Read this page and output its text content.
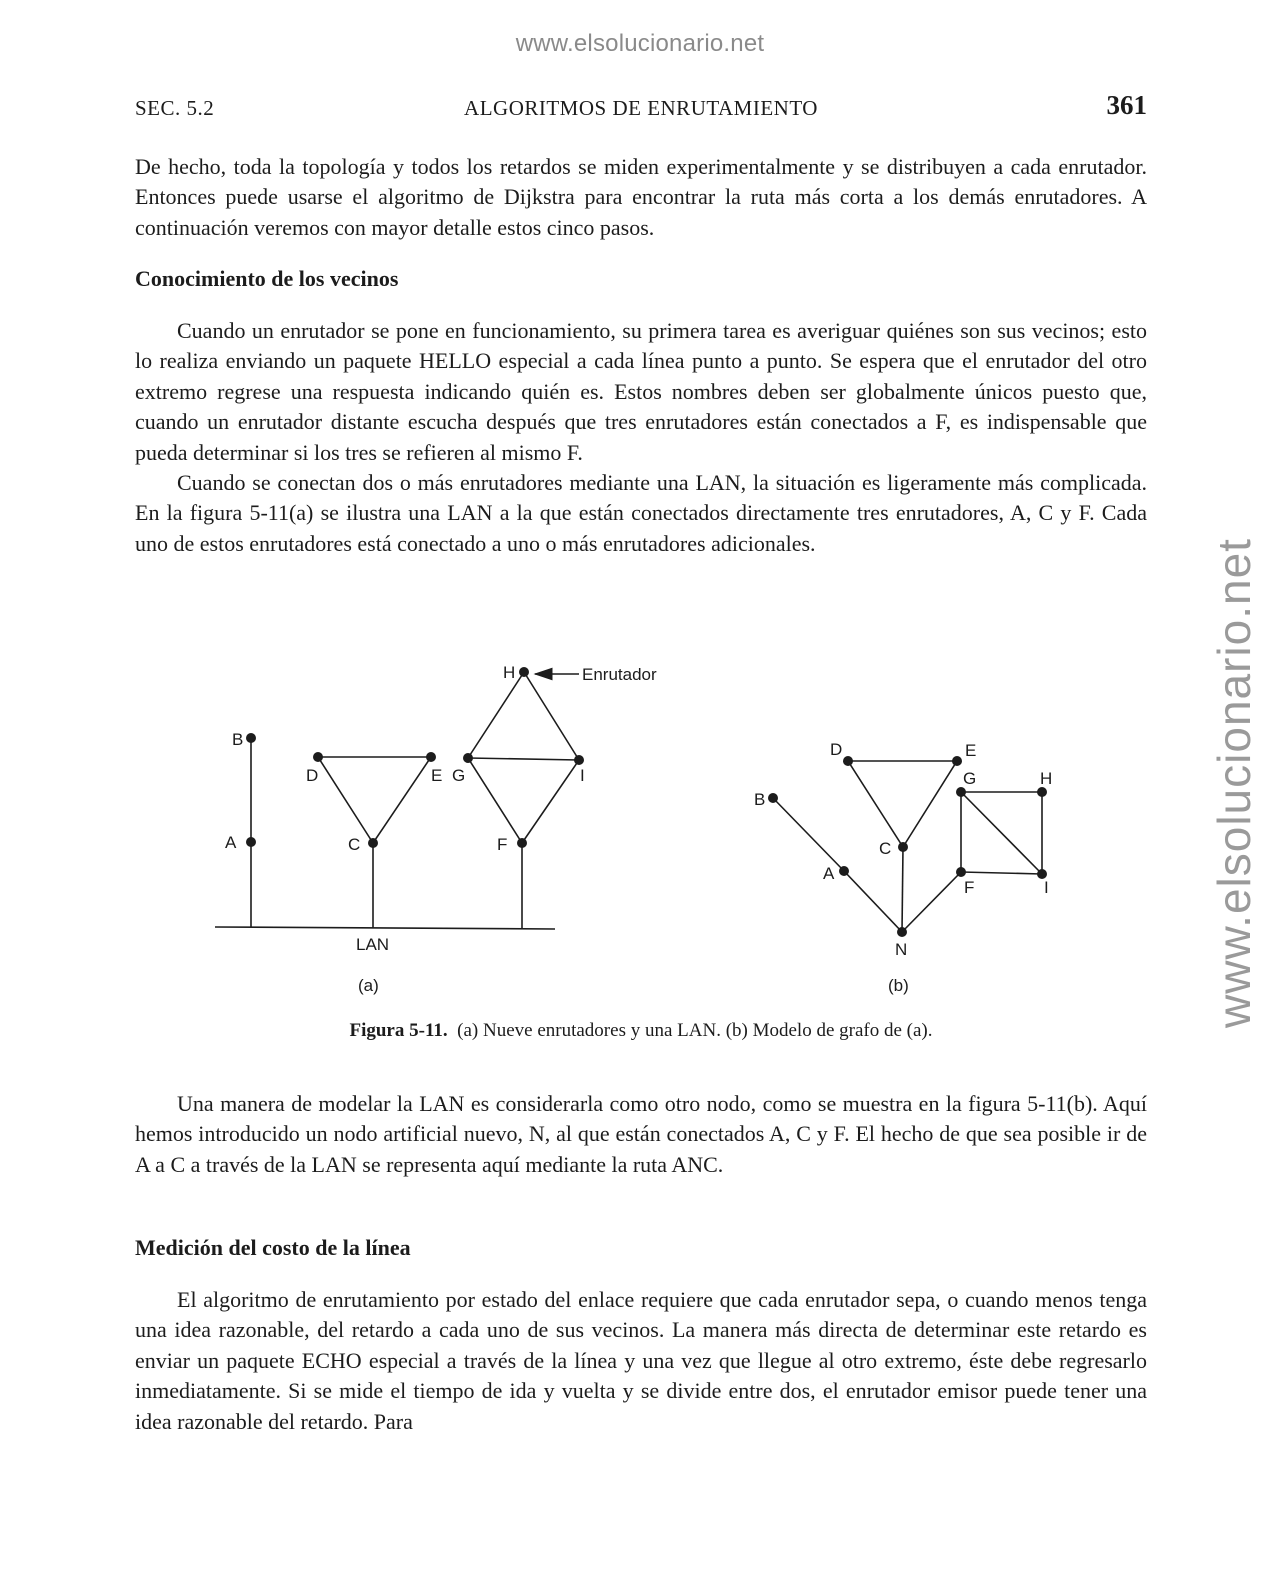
www.elsolucionario.net
www.elsolucionario.net
SEC. 5.2	ALGORITMOS DE ENRUTAMIENTO	361

De hecho, toda la topología y todos los retardos se miden experimentalmente y se distribuyen a cada enrutador. Entonces puede usarse el algoritmo de Dijkstra para encontrar la ruta más corta a los demás enrutadores. A continuación veremos con mayor detalle estos cinco pasos.

Conocimiento de los vecinos

Cuando un enrutador se pone en funcionamiento, su primera tarea es averiguar quiénes son sus vecinos; esto lo realiza enviando un paquete HELLO especial a cada línea punto a punto. Se espera que el enrutador del otro extremo regrese una respuesta indicando quién es. Estos nombres deben ser globalmente únicos puesto que, cuando un enrutador distante escucha después que tres enrutadores están conectados a F, es indispensable que pueda determinar si los tres se refieren al mismo F.

Cuando se conectan dos o más enrutadores mediante una LAN, la situación es ligeramente más complicada. En la figura 5-11(a) se ilustra una LAN a la que están conectados directamente tres enrutadores, A, C y F. Cada uno de estos enrutadores está conectado a uno o más enrutadores adicionales.

H	Enrutador
B
D	E G	I
A	C	F
LAN
(a)
D	E
G	H
B
C
A
F	I
N
(b)
Figura 5-11. (a) Nueve enrutadores y una LAN. (b) Modelo de grafo de (a).

Una manera de modelar la LAN es considerarla como otro nodo, como se muestra en la figura 5-11(b). Aquí hemos introducido un nodo artificial nuevo, N, al que están conectados A, C y F. El hecho de que sea posible ir de A a C a través de la LAN se representa aquí mediante la ruta ANC.

Medición del costo de la línea

El algoritmo de enrutamiento por estado del enlace requiere que cada enrutador sepa, o cuando menos tenga una idea razonable, del retardo a cada uno de sus vecinos. La manera más directa de determinar este retardo es enviar un paquete ECHO especial a través de la línea y una vez que llegue al otro extremo, éste debe regresarlo inmediatamente. Si se mide el tiempo de ida y vuelta y se divide entre dos, el enrutador emisor puede tener una idea razonable del retardo. Para
